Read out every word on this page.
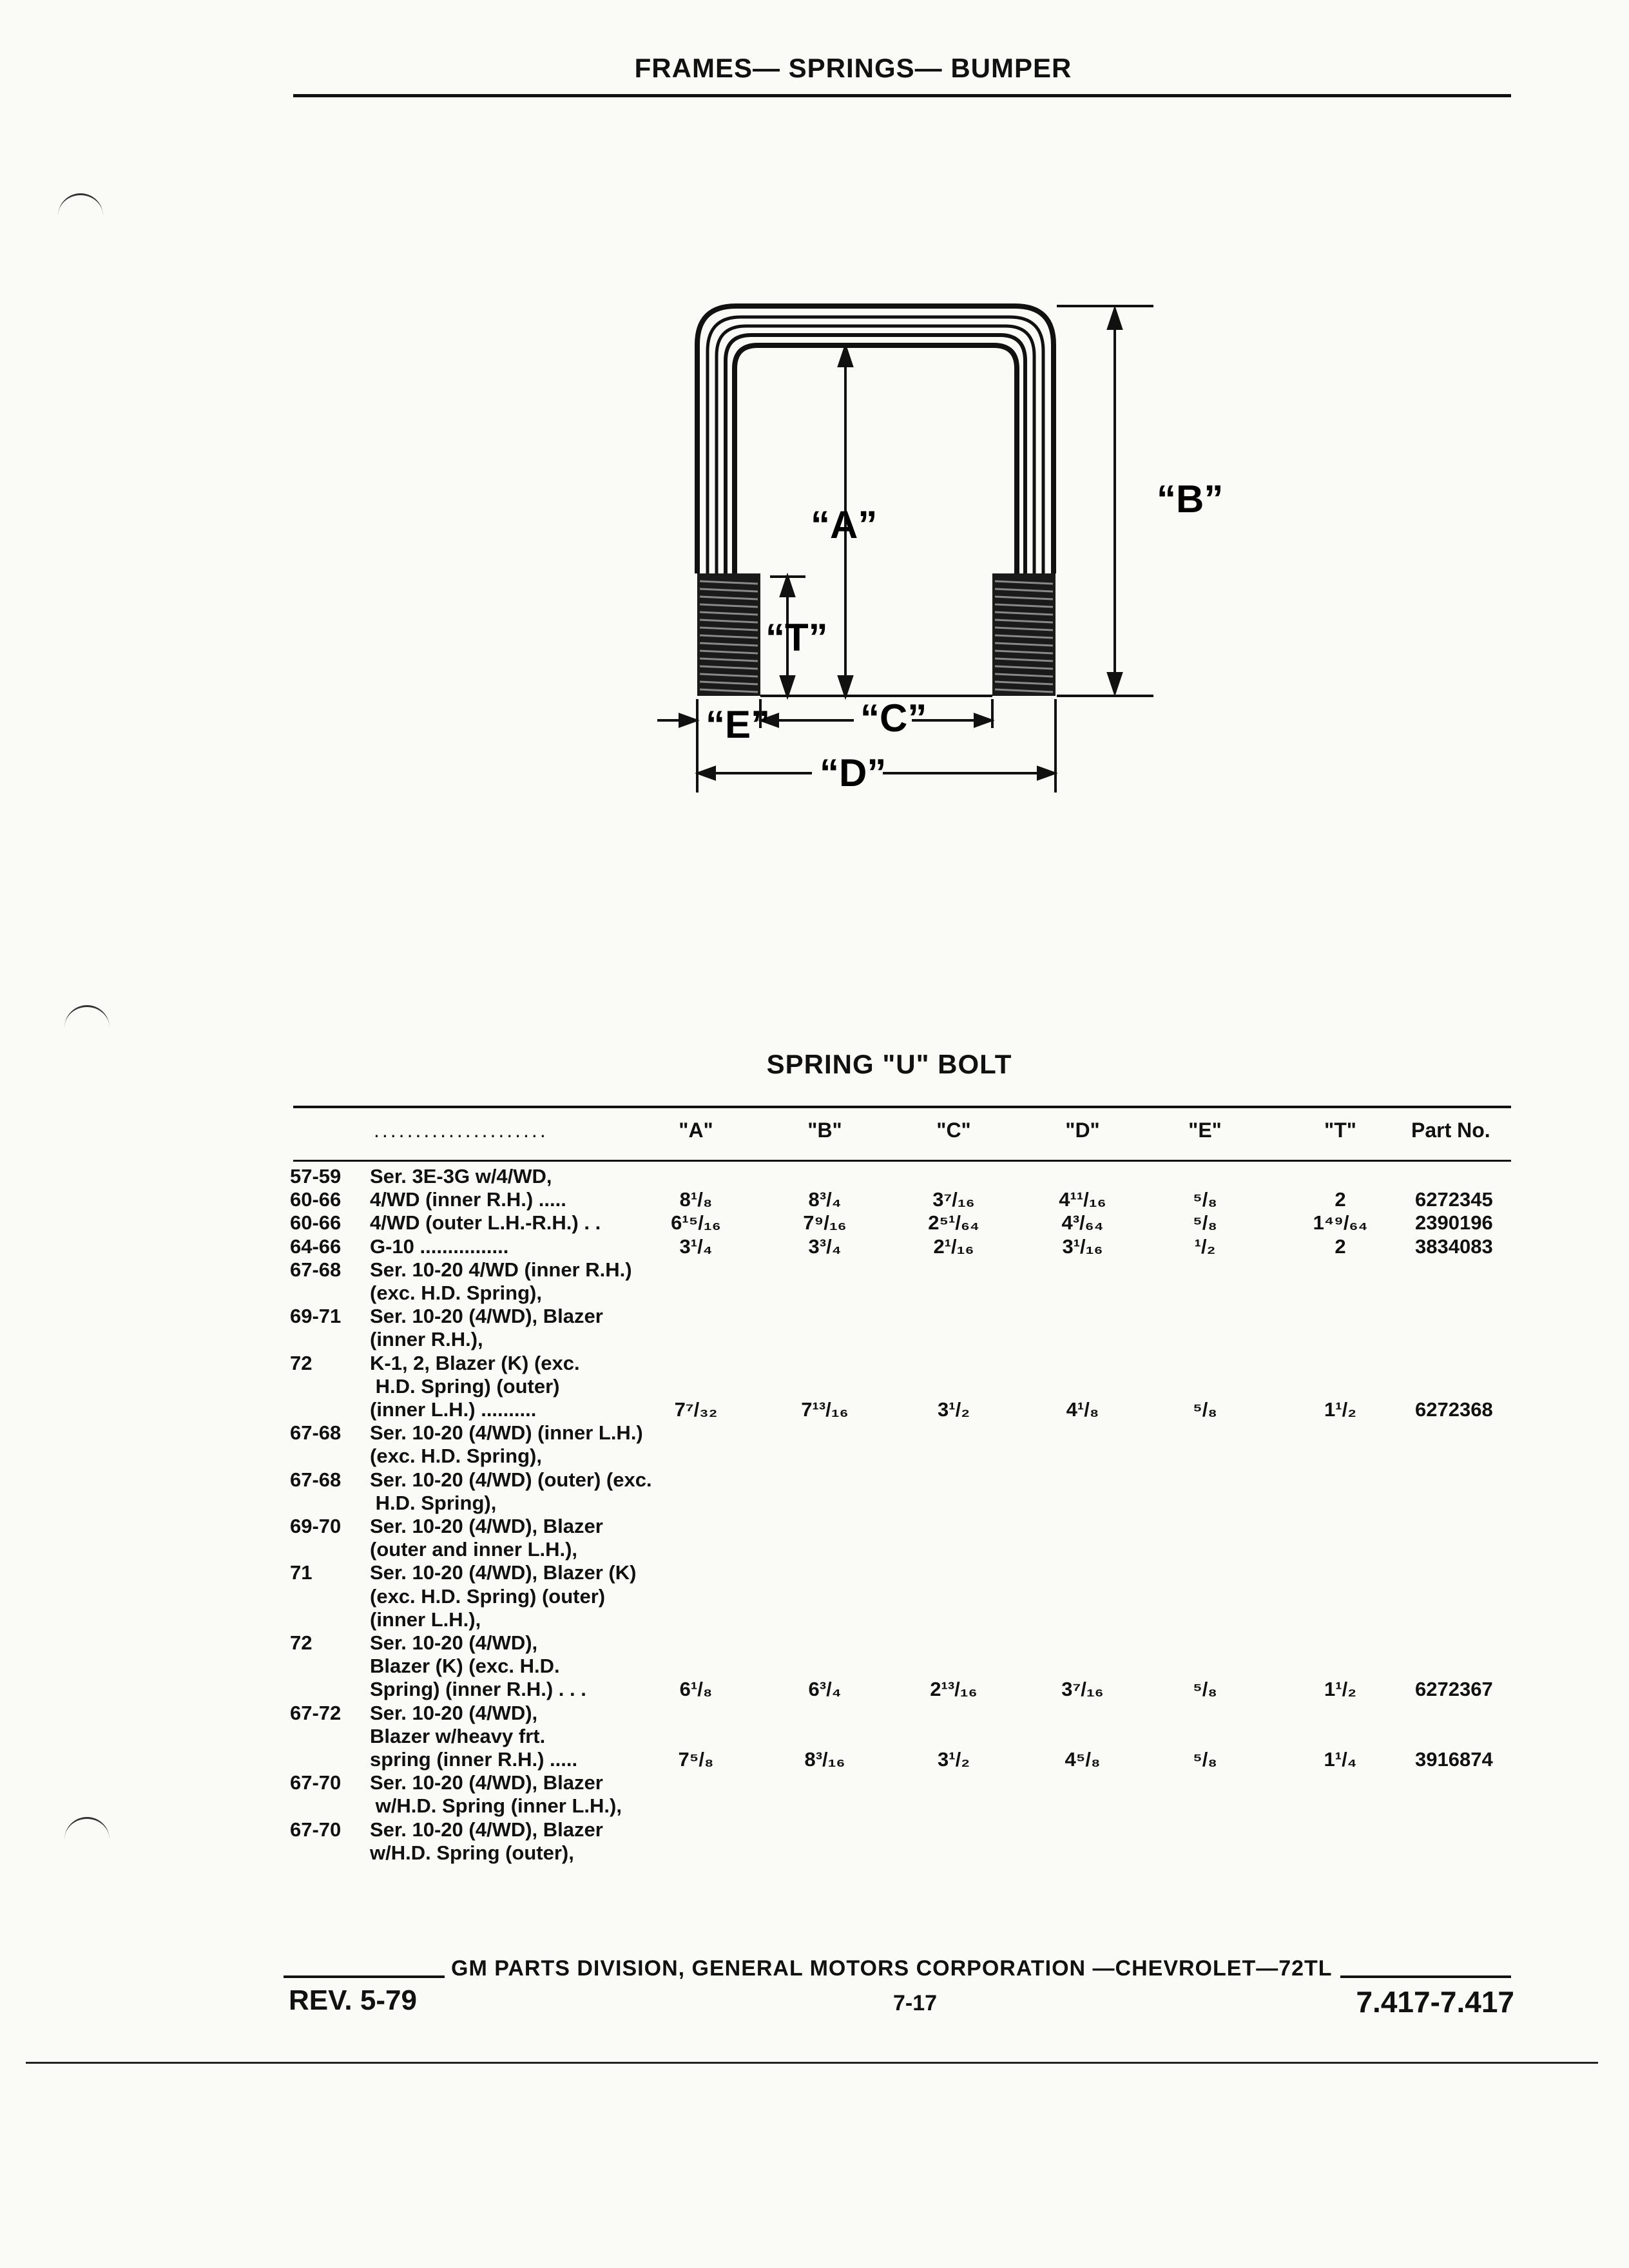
FRAMES— SPRINGS— BUMPER
“B”
“A”
“T”
“E” “C”
“D”
SPRING "U" BOLT
.....................	"A"	"B"	"C"	"D"	"E"	"T"	Part No.
57-59 Ser. 3E-3G w/4/WD,
60-66 4/WD (inner R.H.) .....	8¹/₈	8³/₄	3⁷/₁₆	4¹¹/₁₆	⁵/₈	2	6272345
60-66 4/WD (outer L.H.-R.H.) . .	6¹⁵/₁₆	7⁹/₁₆	2⁵¹/₆₄	4³/₆₄	⁵/₈	1⁴⁹/₆₄	2390196
64-66 G-10 ................	3¹/₄	3³/₄	2¹/₁₆	3¹/₁₆	¹/₂	2	3834083
67-68 Ser. 10-20 4/WD (inner R.H.)
(exc. H.D. Spring),
69-71 Ser. 10-20 (4/WD), Blazer
(inner R.H.),
72	K-1, 2, Blazer (K) (exc.
H.D. Spring) (outer)
(inner L.H.) ..........	7⁷/₃₂	7¹³/₁₆	3¹/₂	4¹/₈	⁵/₈	1¹/₂	6272368
67-68 Ser. 10-20 (4/WD) (inner L.H.)
(exc. H.D. Spring),
67-68 Ser. 10-20 (4/WD) (outer) (exc.
H.D. Spring),
69-70 Ser. 10-20 (4/WD), Blazer
(outer and inner L.H.),
71	Ser. 10-20 (4/WD), Blazer (K)
(exc. H.D. Spring) (outer)
(inner L.H.),
72	Ser. 10-20 (4/WD),
Blazer (K) (exc. H.D.
Spring) (inner R.H.) . . .	6¹/₈	6³/₄	2¹³/₁₆	3⁷/₁₆	⁵/₈	1¹/₂	6272367
67-72 Ser. 10-20 (4/WD),
Blazer w/heavy frt.
spring (inner R.H.) .....	7⁵/₈	8³/₁₆	3¹/₂	4⁵/₈	⁵/₈	1¹/₄	3916874
67-70 Ser. 10-20 (4/WD), Blazer
w/H.D. Spring (inner L.H.),
67-70 Ser. 10-20 (4/WD), Blazer
w/H.D. Spring (outer),
GM PARTS DIVISION, GENERAL MOTORS CORPORATION —CHEVROLET—72TL
REV. 5-79	7-17	7.417-7.417
